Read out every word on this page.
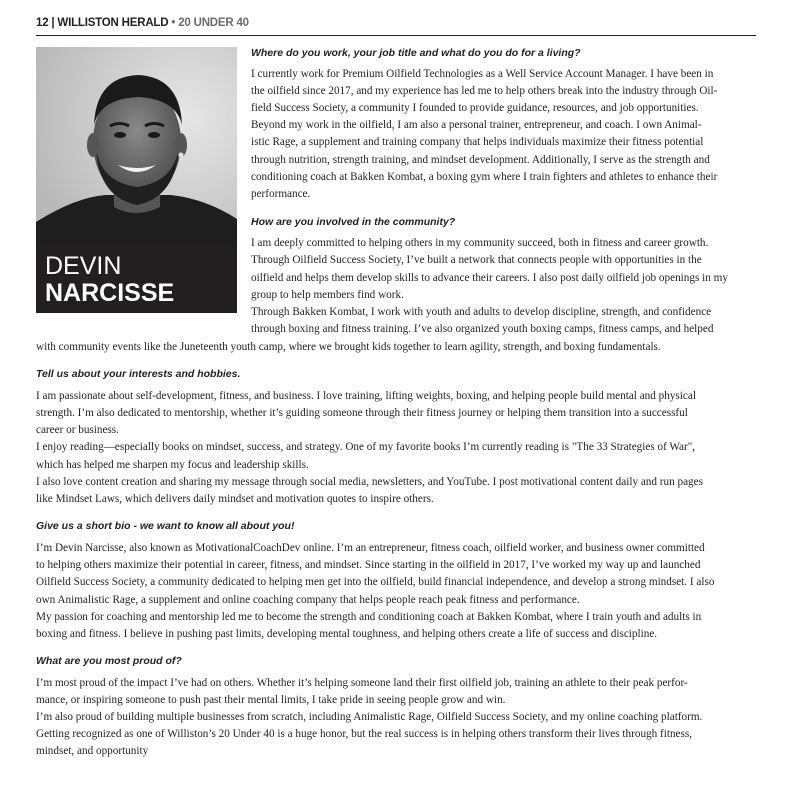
12 | WILLISTON HERALD • 20 UNDER 40
DEVIN
NARCISSE
Where do you work, your job title and what do you do for a living?
I currently work for Premium Oilfield Technologies as a Well Service Account Manager. I have been in
the oilfield since 2017, and my experience has led me to help others break into the industry through Oil-
field Success Society, a community I founded to provide guidance, resources, and job opportunities.
Beyond my work in the oilfield, I am also a personal trainer, entrepreneur, and coach. I own Animal-
istic Rage, a supplement and training company that helps individuals maximize their fitness potential
through nutrition, strength training, and mindset development. Additionally, I serve as the strength and
conditioning coach at Bakken Kombat, a boxing gym where I train fighters and athletes to enhance their
performance.
How are you involved in the community?
I am deeply committed to helping others in my community succeed, both in fitness and career growth.
Through Oilfield Success Society, I’ve built a network that connects people with opportunities in the
oilfield and helps them develop skills to advance their careers. I also post daily oilfield job openings in my
group to help members find work.
Through Bakken Kombat, I work with youth and adults to develop discipline, strength, and confidence
through boxing and fitness training. I’ve also organized youth boxing camps, fitness camps, and helped
with community events like the Juneteenth youth camp, where we brought kids together to learn agility, strength, and boxing fundamentals.
Tell us about your interests and hobbies.
I am passionate about self-development, fitness, and business. I love training, lifting weights, boxing, and helping people build mental and physical
strength. I’m also dedicated to mentorship, whether it’s guiding someone through their fitness journey or helping them transition into a successful
career or business.
I enjoy reading—especially books on mindset, success, and strategy. One of my favorite books I’m currently reading is "The 33 Strategies of War",
which has helped me sharpen my focus and leadership skills.
I also love content creation and sharing my message through social media, newsletters, and YouTube. I post motivational content daily and run pages
like Mindset Laws, which delivers daily mindset and motivation quotes to inspire others.
Give us a short bio - we want to know all about you!
I’m Devin Narcisse, also known as MotivationalCoachDev online. I’m an entrepreneur, fitness coach, oilfield worker, and business owner committed
to helping others maximize their potential in career, fitness, and mindset. Since starting in the oilfield in 2017, I’ve worked my way up and launched
Oilfield Success Society, a community dedicated to helping men get into the oilfield, build financial independence, and develop a strong mindset. I also
own Animalistic Rage, a supplement and online coaching company that helps people reach peak fitness and performance.
My passion for coaching and mentorship led me to become the strength and conditioning coach at Bakken Kombat, where I train youth and adults in
boxing and fitness. I believe in pushing past limits, developing mental toughness, and helping others create a life of success and discipline.
What are you most proud of?
I’m most proud of the impact I’ve had on others. Whether it’s helping someone land their first oilfield job, training an athlete to their peak perfor-
mance, or inspiring someone to push past their mental limits, I take pride in seeing people grow and win.
I’m also proud of building multiple businesses from scratch, including Animalistic Rage, Oilfield Success Society, and my online coaching platform.
Getting recognized as one of Williston’s 20 Under 40 is a huge honor, but the real success is in helping others transform their lives through fitness,
mindset, and opportunity
